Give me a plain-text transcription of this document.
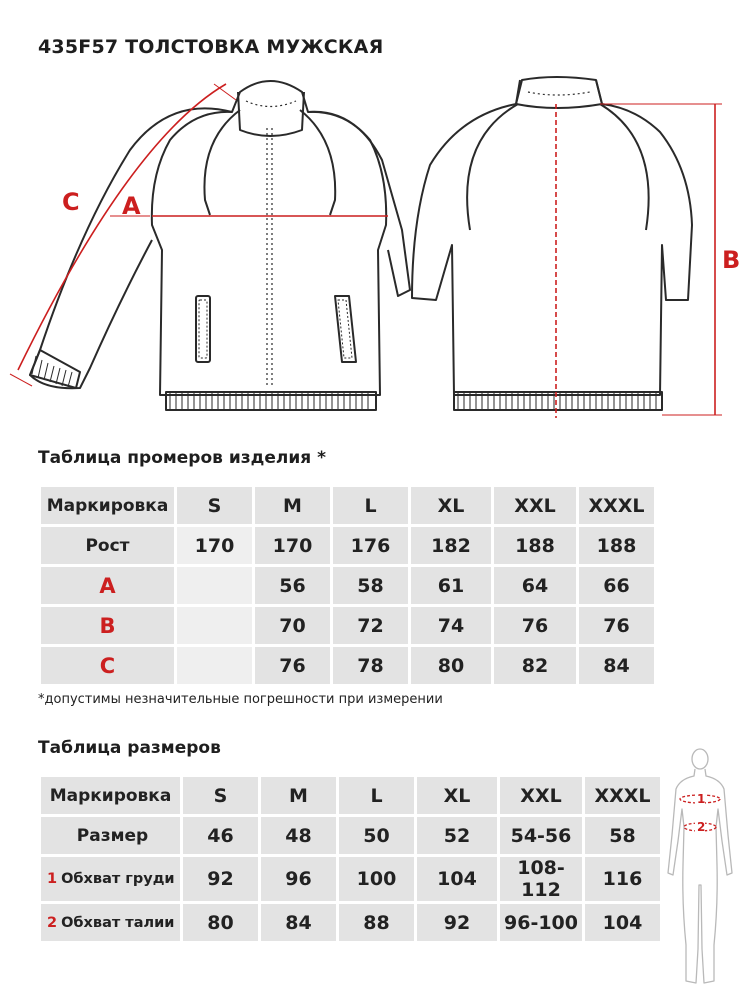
435F57 ТОЛСТОВКА МУЖСКАЯ
C A
B
Таблица промеров изделия *
Маркировка	S	M	L	XL	XXL	XXXL
Рост	170	170	176	182	188	188
A		56	58	61	64	66
B		70	72	74	76	76
C		76	78	80	82	84
*допустимы незначительные погрешности при измерении
Таблица размеров
Маркировка	S	M	L	XL	XXL	XXXL
Размер	46	48	50	52	54-56	58
1 Обхват груди	92	96	100	104	108-112	116
2 Обхват талии	80	84	88	92	96-100	104
1
2
